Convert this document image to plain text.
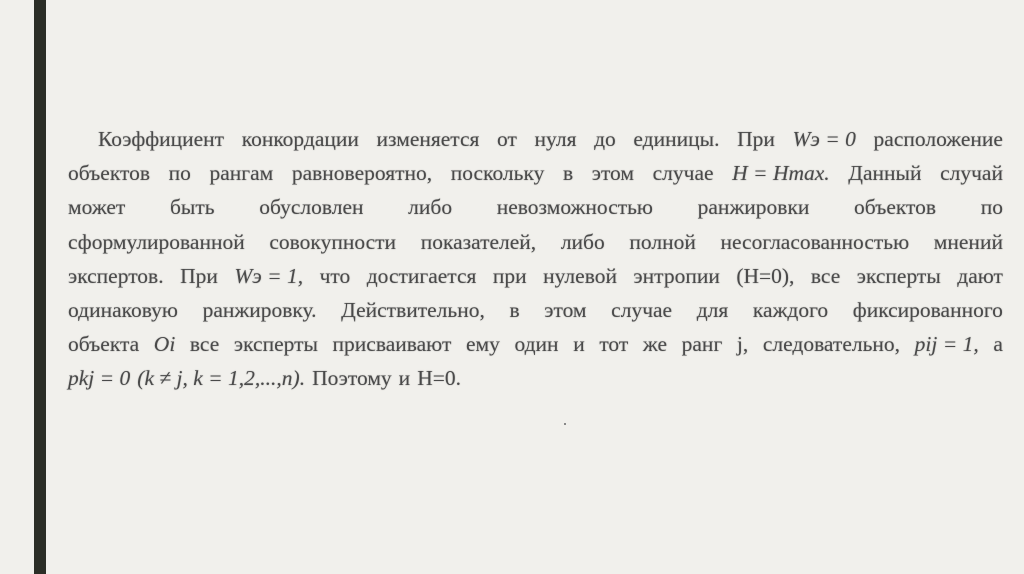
Коэффициент конкордации изменяется от нуля до единицы. При Wэ = 0 расположение
объектов по рангам равновероятно, поскольку в этом случае H = Hmax. Данный случай
может быть обусловлен либо невозможностью ранжировки объектов по
сформулированной совокупности показателей, либо полной несогласованностью мнений
экспертов. При Wэ = 1, что достигается при нулевой энтропии (H=0), все эксперты дают
одинаковую ранжировку. Действительно, в этом случае для каждого фиксированного
объекта Oi все эксперты присваивают ему один и тот же ранг j, следовательно, pij = 1, а
pkj = 0 (k ≠ j, k = 1,2,...,n). Поэтому и H=0.
